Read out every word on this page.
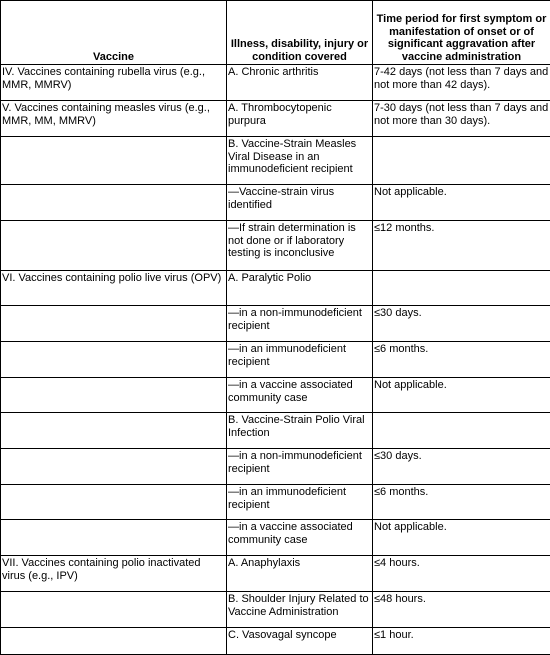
Vaccine	Illness, disability, injury or condition covered	Time period for first symptom or manifestation of onset or of significant aggravation after vaccine administration
IV. Vaccines containing rubella virus (e.g., MMR, MMRV)	A. Chronic arthritis	7-42 days (not less than 7 days and not more than 42 days).
V. Vaccines containing measles virus (e.g., MMR, MM, MMRV)	A. Thrombocytopenic purpura	7-30 days (not less than 7 days and not more than 30 days).
	B. Vaccine-Strain Measles Viral Disease in an immunodeficient recipient	
	—Vaccine-strain virus identified	Not applicable.
	—If strain determination is not done or if laboratory testing is inconclusive	≤12 months.
VI. Vaccines containing polio live virus (OPV)	A. Paralytic Polio	
	—in a non-immunodeficient recipient	≤30 days.
	—in an immunodeficient recipient	≤6 months.
	—in a vaccine associated community case	Not applicable.
	B. Vaccine-Strain Polio Viral Infection	
	—in a non-immunodeficient recipient	≤30 days.
	—in an immunodeficient recipient	≤6 months.
	—in a vaccine associated community case	Not applicable.
VII. Vaccines containing polio inactivated virus (e.g., IPV)	A. Anaphylaxis	≤4 hours.
	B. Shoulder Injury Related to Vaccine Administration	≤48 hours.
	C. Vasovagal syncope	≤1 hour.
